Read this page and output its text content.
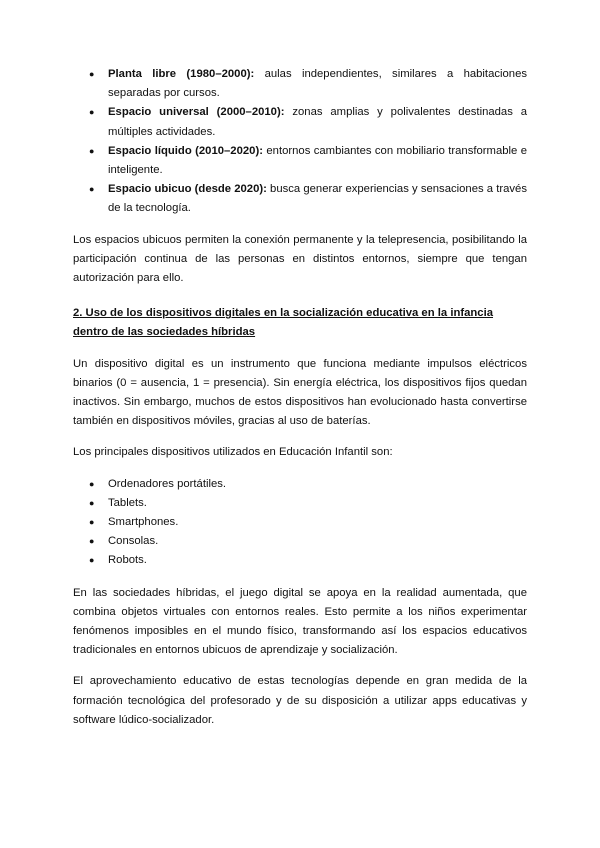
● Planta libre (1980–2000): aulas independientes, similares a habitaciones separadas por cursos.
● Espacio universal (2000–2010): zonas amplias y polivalentes destinadas a múltiples actividades.
● Espacio líquido (2010–2020): entornos cambiantes con mobiliario transformable e inteligente.
● Espacio ubicuo (desde 2020): busca generar experiencias y sensaciones a través de la tecnología.

Los espacios ubicuos permiten la conexión permanente y la telepresencia, posibilitando la participación continua de las personas en distintos entornos, siempre que tengan autorización para ello.

2. Uso de los dispositivos digitales en la socialización educativa en la infancia dentro de las sociedades híbridas

Un dispositivo digital es un instrumento que funciona mediante impulsos eléctricos binarios (0 = ausencia, 1 = presencia). Sin energía eléctrica, los dispositivos fijos quedan inactivos. Sin embargo, muchos de estos dispositivos han evolucionado hasta convertirse también en dispositivos móviles, gracias al uso de baterías.

Los principales dispositivos utilizados en Educación Infantil son:

● Ordenadores portátiles.
● Tablets.
● Smartphones.
● Consolas.
● Robots.

En las sociedades híbridas, el juego digital se apoya en la realidad aumentada, que combina objetos virtuales con entornos reales. Esto permite a los niños experimentar fenómenos imposibles en el mundo físico, transformando así los espacios educativos tradicionales en entornos ubicuos de aprendizaje y socialización.

El aprovechamiento educativo de estas tecnologías depende en gran medida de la formación tecnológica del profesorado y de su disposición a utilizar apps educativas y software lúdico-socializador.
